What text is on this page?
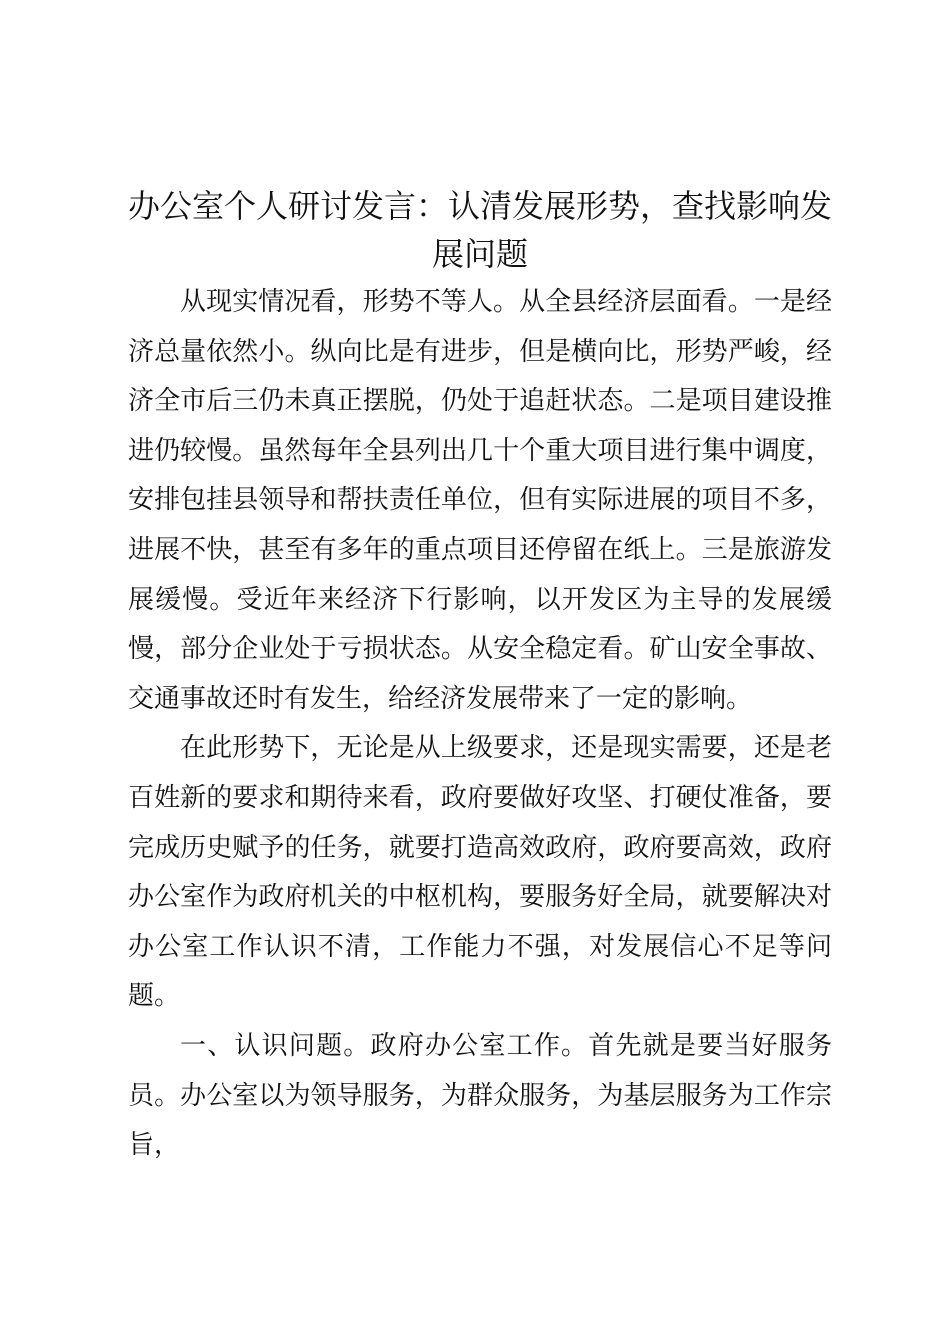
办公室个人研讨发言：认清发展形势，查找影响发展问题

从现实情况看，形势不等人。从全县经济层面看。一是经济总量依然小。纵向比是有进步，但是横向比，形势严峻，经济全市后三仍未真正摆脱，仍处于追赶状态。二是项目建设推进仍较慢。虽然每年全县列出几十个重大项目进行集中调度，安排包挂县领导和帮扶责任单位，但有实际进展的项目不多，进展不快，甚至有多年的重点项目还停留在纸上。三是旅游发展缓慢。受近年来经济下行影响，以开发区为主导的发展缓慢，部分企业处于亏损状态。从安全稳定看。矿山安全事故、交通事故还时有发生，给经济发展带来了一定的影响。

在此形势下，无论是从上级要求，还是现实需要，还是老百姓新的要求和期待来看，政府要做好攻坚、打硬仗准备，要完成历史赋予的任务，就要打造高效政府，政府要高效，政府办公室作为政府机关的中枢机构，要服务好全局，就要解决对办公室工作认识不清，工作能力不强，对发展信心不足等问题。

一、认识问题。政府办公室工作。首先就是要当好服务员。办公室以为领导服务，为群众服务，为基层服务为工作宗旨，
